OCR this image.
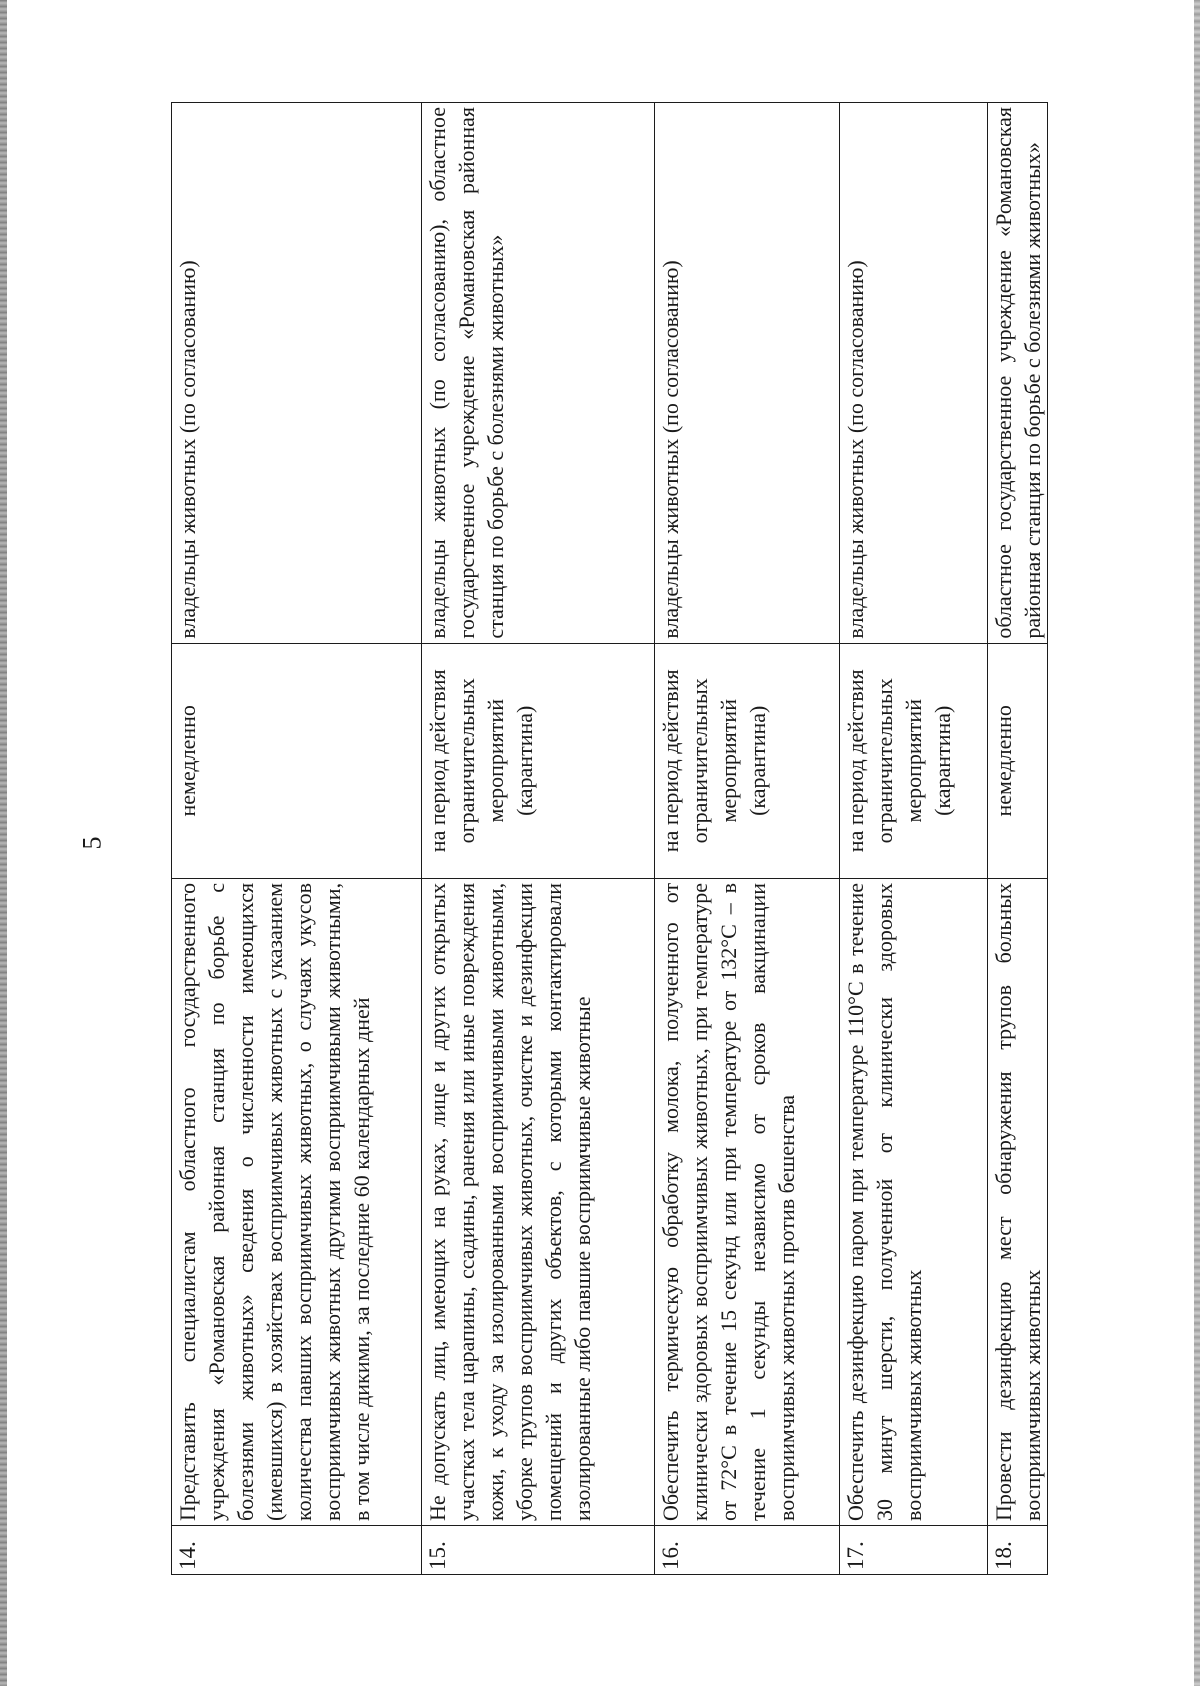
5
14.	Представить специалистам областного государственного учреждения «Романовская районная станция по борьбе с болезнями животных» сведения о численности имеющихся (имевшихся) в хозяйствах восприимчивых животных с указанием количества павших восприимчивых животных, о случаях укусов восприимчивых животных другими восприимчивыми животными, в том числе дикими, за последние 60 календарных дней	немедленно	владельцы животных (по согласованию)
15.	Не допускать лиц, имеющих на руках, лице и других открытых участках тела царапины, ссадины, ранения или иные повреждения кожи, к уходу за изолированными восприимчивыми животными, уборке трупов восприимчивых животных, очистке и дезинфекции помещений и других объектов, с которыми контактировали изолированные либо павшие восприимчивые животные	на период действия ограничительных мероприятий (карантина)	владельцы животных (по согласованию), областное государственное учреждение «Романовская районная станция по борьбе с болезнями животных»
16.	Обеспечить термическую обработку молока, полученного от клинически здоровых восприимчивых животных, при температуре от 72°С в течение 15 секунд или при температуре от 132°С – в течение 1 секунды независимо от сроков вакцинации восприимчивых животных против бешенства	на период действия ограничительных мероприятий (карантина)	владельцы животных (по согласованию)
17.	Обеспечить дезинфекцию паром при температуре 110°С в течение 30 минут шерсти, полученной от клинически здоровых восприимчивых животных	на период действия ограничительных мероприятий (карантина)	владельцы животных (по согласованию)
18.	Провести дезинфекцию мест обнаружения трупов больных восприимчивых животных	немедленно	областное государственное учреждение «Романовская районная станция по борьбе с болезнями животных»
